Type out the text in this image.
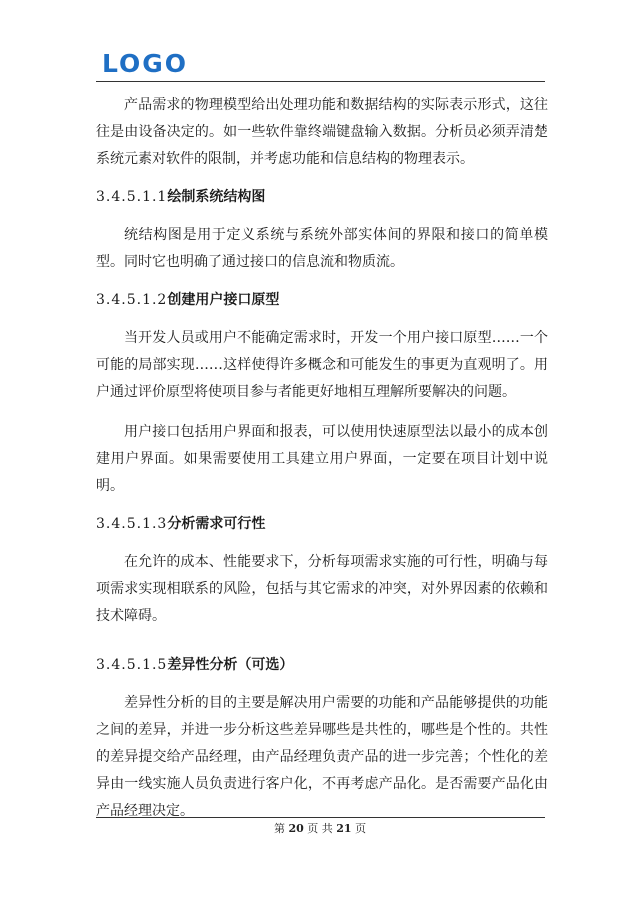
LOGO

产品需求的物理模型给出处理功能和数据结构的实际表示形式，这往往是由设备决定的。如一些软件靠终端键盘输入数据。分析员必须弄清楚系统元素对软件的限制，并考虑功能和信息结构的物理表示。

3.4.5.1.1绘制系统结构图

统结构图是用于定义系统与系统外部实体间的界限和接口的简单模型。同时它也明确了通过接口的信息流和物质流。

3.4.5.1.2创建用户接口原型

当开发人员或用户不能确定需求时，开发一个用户接口原型……一个可能的局部实现……这样使得许多概念和可能发生的事更为直观明了。用户通过评价原型将使项目参与者能更好地相互理解所要解决的问题。

用户接口包括用户界面和报表，可以使用快速原型法以最小的成本创建用户界面。如果需要使用工具建立用户界面，一定要在项目计划中说明。

3.4.5.1.3分析需求可行性

在允许的成本、性能要求下，分析每项需求实施的可行性，明确与每项需求实现相联系的风险，包括与其它需求的冲突，对外界因素的依赖和技术障碍。

3.4.5.1.5差异性分析（可选）

差异性分析的目的主要是解决用户需要的功能和产品能够提供的功能之间的差异，并进一步分析这些差异哪些是共性的，哪些是个性的。共性的差异提交给产品经理，由产品经理负责产品的进一步完善；个性化的差异由一线实施人员负责进行客户化，不再考虑产品化。是否需要产品化由产品经理决定。

第 20 页 共 21 页
